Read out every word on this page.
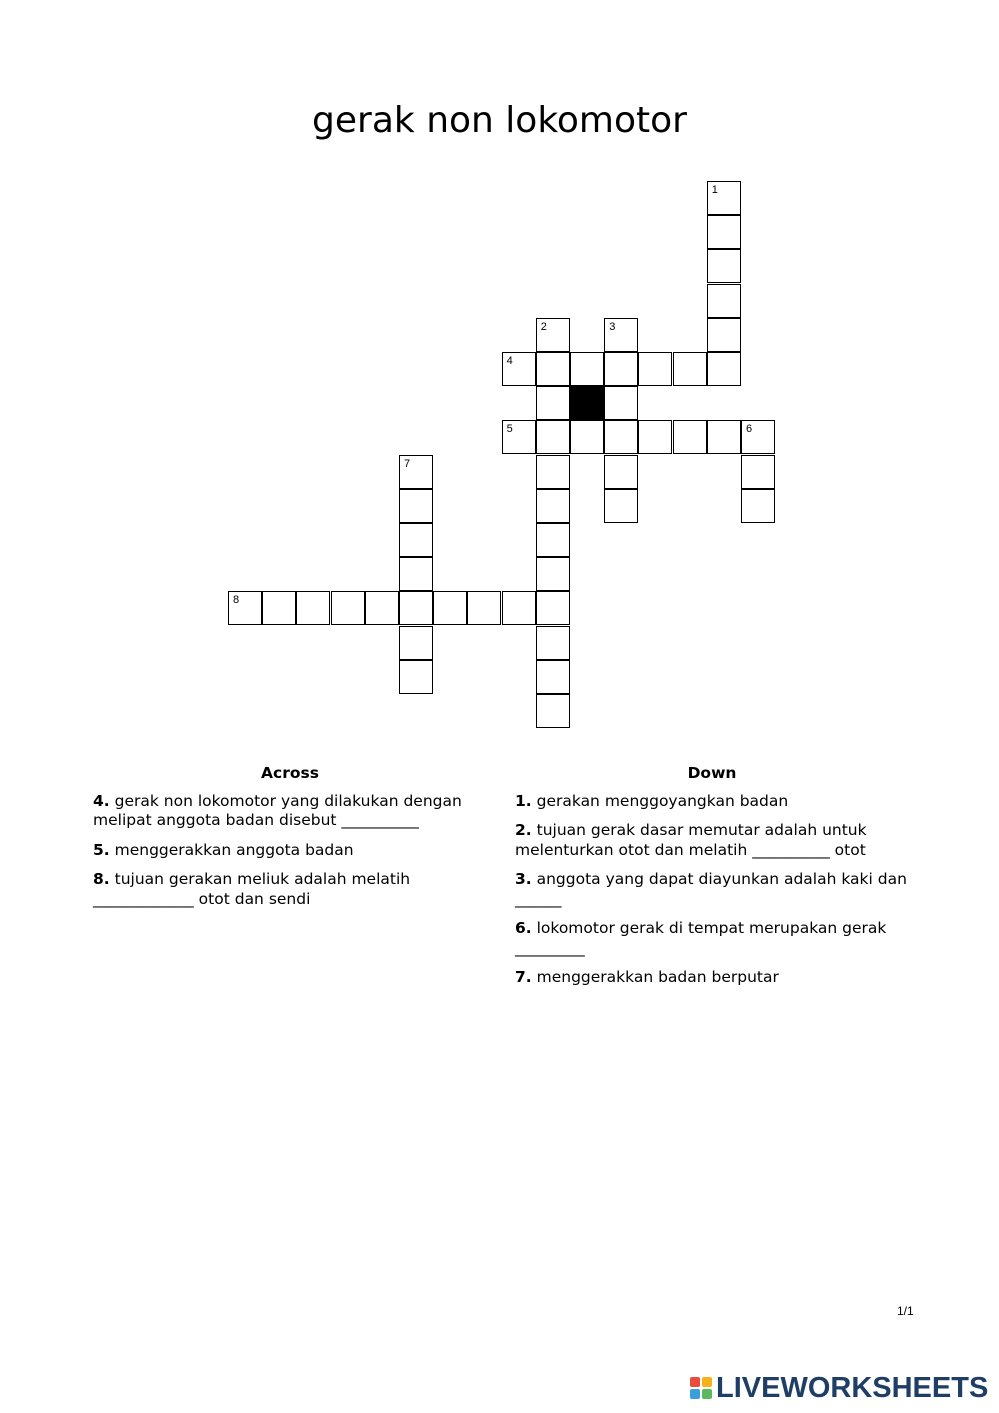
gerak non lokomotor
1
2	3
4
5	6
7
8
Across
4. gerak non lokomotor yang dilakukan dengan melipat anggota badan disebut __________
5. menggerakkan anggota badan
8. tujuan gerakan meliuk adalah melatih _____________ otot dan sendi
Down
1. gerakan menggoyangkan badan
2. tujuan gerak dasar memutar adalah untuk melenturkan otot dan melatih __________ otot
3. anggota yang dapat diayunkan adalah kaki dan ______
6. lokomotor gerak di tempat merupakan gerak _________
7. menggerakkan badan berputar
1/1
LIVEWORKSHEETS
